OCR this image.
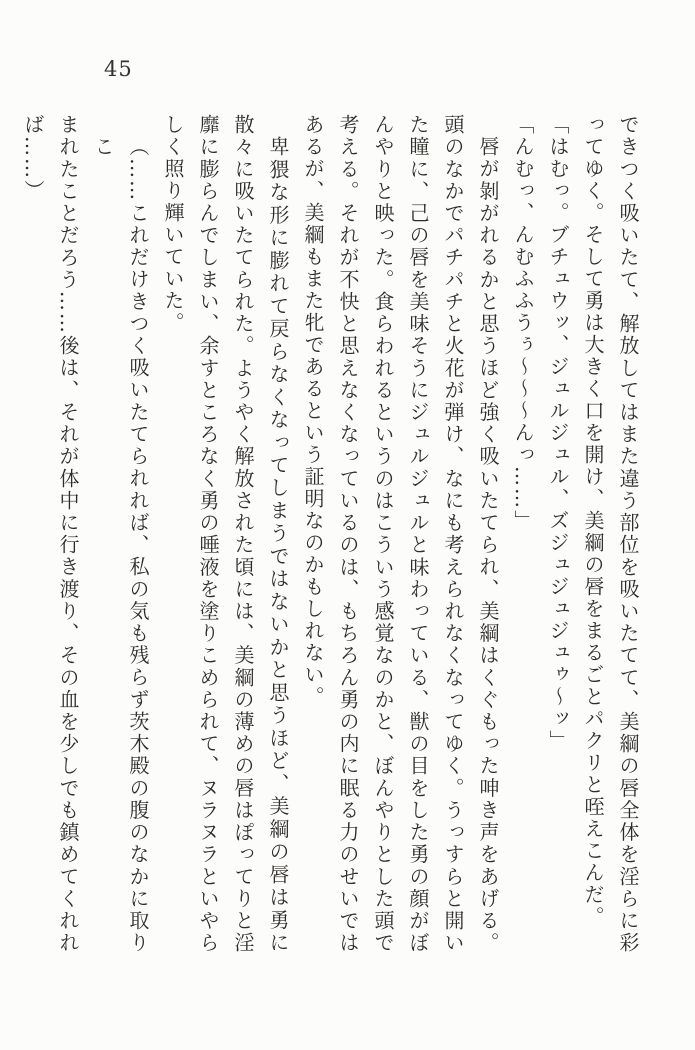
45
できつく吸いたて、解放してはまた違う部位を吸いたてて、美綱の唇全体を淫らに彩
ってゆく。そして勇は大きく口を開け、美綱の唇をまるごとパクリと咥えこんだ。
「はむっ。ブチュウッ、ジュルジュル、ズジュジュジュゥ〜ッ」
「んむっ、んむふふうぅ〜〜〜んっ……」
唇が剝がれるかと思うほど強く吸いたてられ、美綱はくぐもった呻き声をあげる。
頭のなかでパチパチと火花が弾け、なにも考えられなくなってゆく。うっすらと開い
た瞳に、己の唇を美味そうにジュルジュルと味わっている、獣の目をした勇の顔がぼ
んやりと映った。食らわれるというのはこういう感覚なのかと、ぼんやりとした頭で
考える。それが不快と思えなくなっているのは、もちろん勇の内に眠る力のせいでは
あるが、美綱もまた牝であるという証明なのかもしれない。
卑猥な形に膨れて戻らなくなってしまうではないかと思うほど、美綱の唇は勇に
散々に吸いたてられた。ようやく解放された頃には、美綱の薄めの唇はぽってりと淫
靡に膨らんでしまい、余すところなく勇の唾液を塗りこめられて、ヌラヌラといやら
しく照り輝いていた。
（……これだけきつく吸いたてられれば、私の気も残らず茨木殿の腹のなかに取りこ
まれたことだろう……後は、それが体中に行き渡り、その血を少しでも鎮めてくれれ
ば……）
